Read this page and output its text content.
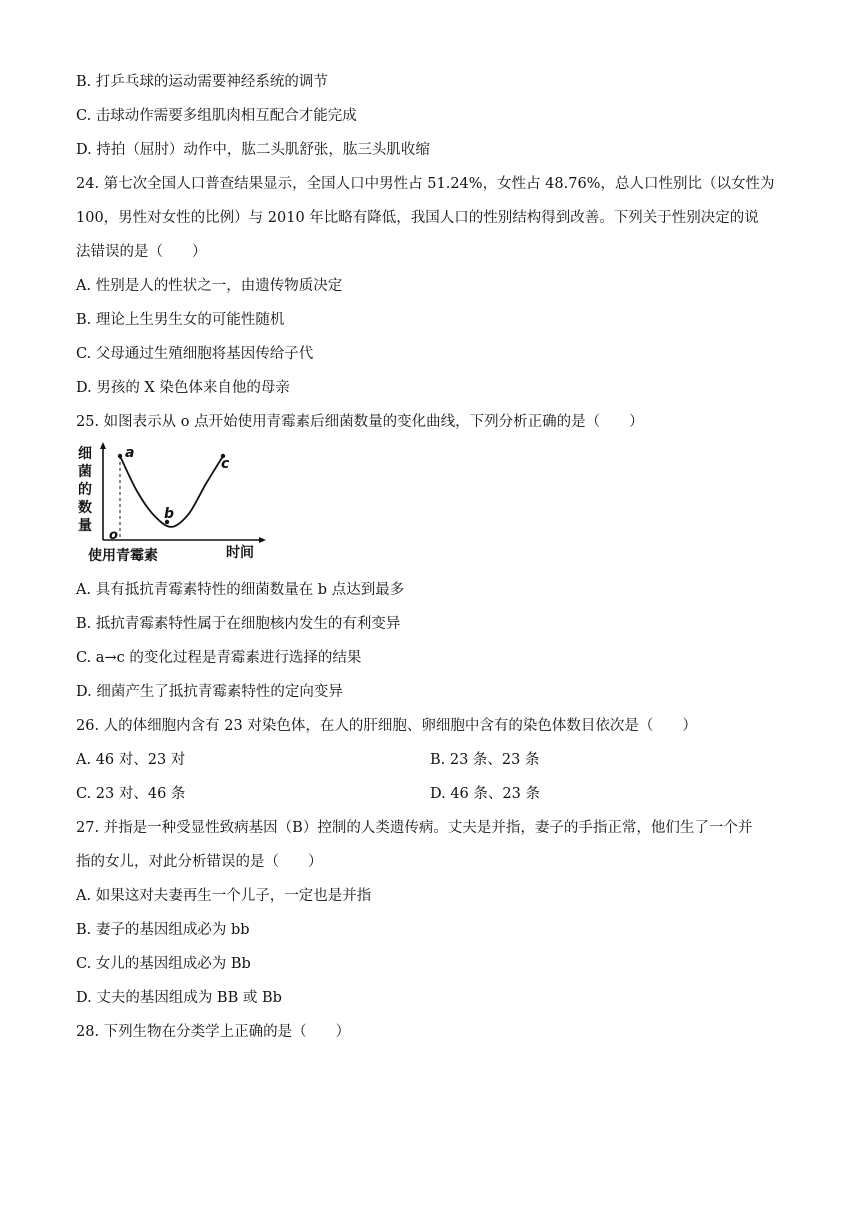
B. 打乒乓球的运动需要神经系统的调节
C. 击球动作需要多组肌肉相互配合才能完成
D. 持拍（屈肘）动作中，肱二头肌舒张，肱三头肌收缩
24. 第七次全国人口普查结果显示，全国人口中男性占 51.24%，女性占 48.76%，总人口性别比（以女性为
100，男性对女性的比例）与 2010 年比略有降低，我国人口的性别结构得到改善。下列关于性别决定的说
法错误的是（　　）
A. 性别是人的性状之一，由遗传物质决定
B. 理论上生男生女的可能性随机
C. 父母通过生殖细胞将基因传给子代
D. 男孩的 X 染色体来自他的母亲
25. 如图表示从 o 点开始使用青霉素后细菌数量的变化曲线，下列分析正确的是（　　）
细
菌
的
数
量
a
b
c
o
使用青霉素	时间
A. 具有抵抗青霉素特性的细菌数量在 b 点达到最多
B. 抵抗青霉素特性属于在细胞核内发生的有利变异
C. a→c 的变化过程是青霉素进行选择的结果
D. 细菌产生了抵抗青霉素特性的定向变异
26. 人的体细胞内含有 23 对染色体，在人的肝细胞、卵细胞中含有的染色体数目依次是（　　）
A. 46 对、23 对	B. 23 条、23 条
C. 23 对、46 条	D. 46 条、23 条
27. 并指是一种受显性致病基因（B）控制的人类遗传病。丈夫是并指，妻子的手指正常，他们生了一个并
指的女儿，对此分析错误的是（　　）
A. 如果这对夫妻再生一个儿子，一定也是并指
B. 妻子的基因组成必为 bb
C. 女儿的基因组成必为 Bb
D. 丈夫的基因组成为 BB 或 Bb
28. 下列生物在分类学上正确的是（　　）
